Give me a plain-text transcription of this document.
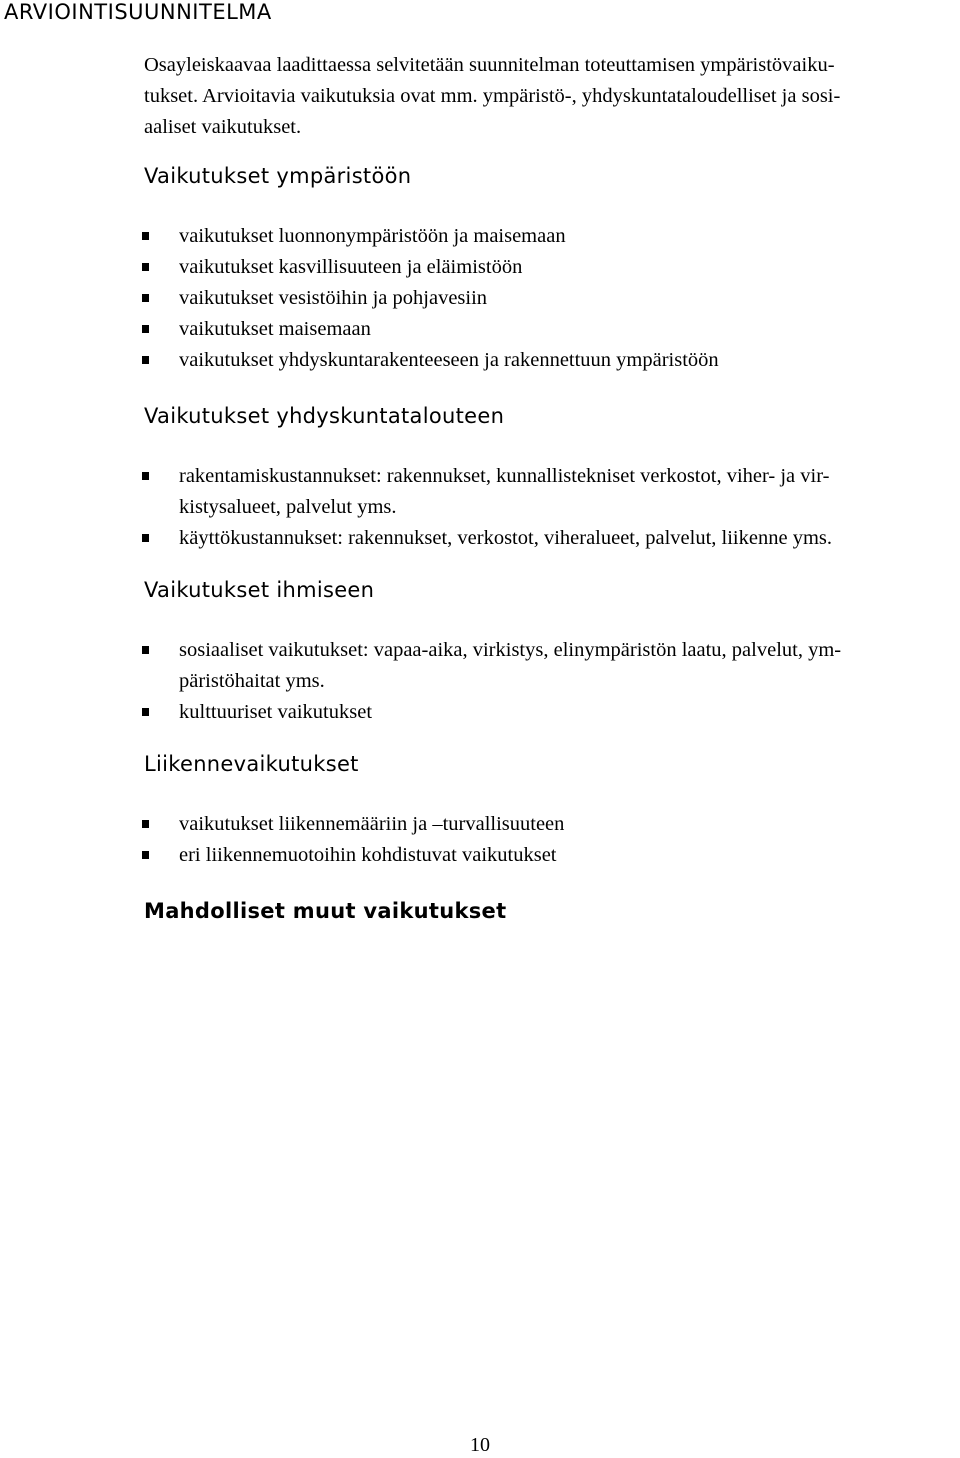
ARVIOINTISUUNNITELMA
Osayleiskaavaa laadittaessa selvitetään suunnitelman toteuttamisen ympäristövaiku-
tukset. Arvioitavia vaikutuksia ovat mm. ympäristö-, yhdyskuntataloudelliset ja sosi-
aaliset vaikutukset.
Vaikutukset ympäristöön
vaikutukset luonnonympäristöön ja maisemaan
vaikutukset kasvillisuuteen ja eläimistöön
vaikutukset vesistöihin ja pohjavesiin
vaikutukset maisemaan
vaikutukset yhdyskuntarakenteeseen ja rakennettuun ympäristöön
Vaikutukset yhdyskuntatalouteen
rakentamiskustannukset: rakennukset, kunnallistekniset verkostot, viher- ja vir-
kistysalueet, palvelut yms.
käyttökustannukset: rakennukset, verkostot, viheralueet, palvelut, liikenne yms.
Vaikutukset ihmiseen
sosiaaliset vaikutukset: vapaa-aika, virkistys, elinympäristön laatu, palvelut, ym-
päristöhaitat yms.
kulttuuriset vaikutukset
Liikennevaikutukset
vaikutukset liikennemääriin ja –turvallisuuteen
eri liikennemuotoihin kohdistuvat vaikutukset
Mahdolliset muut vaikutukset
10
